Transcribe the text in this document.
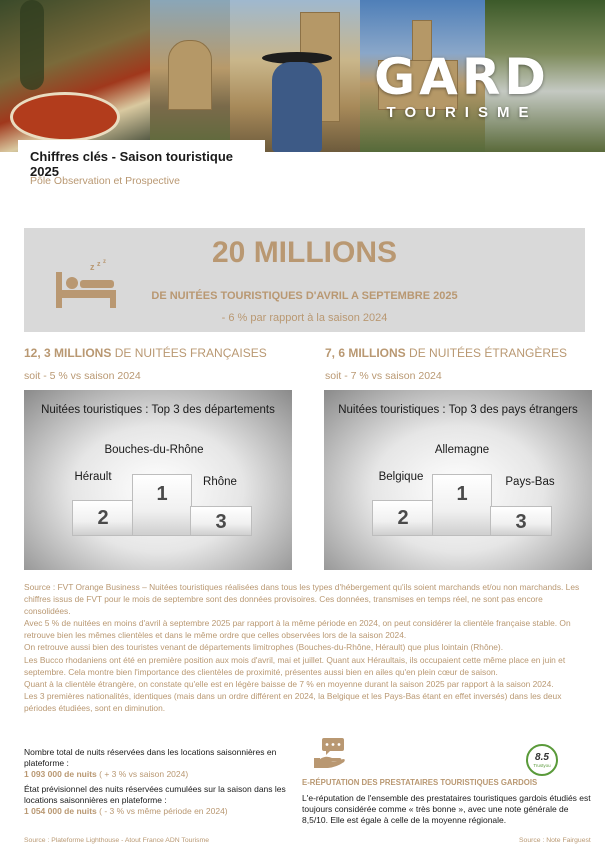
GARD
TOURISME
Chiffres clés - Saison touristique 2025
Pôle Observation et Prospective
z z z	20 MILLIONS
DE NUITÉES TOURISTIQUES D'AVRIL A SEPTEMBRE 2025
- 6 % par rapport à la saison 2024
12, 3 MILLIONS DE NUITÉES FRANÇAISES
soit - 5 % vs saison 2024
7, 6 MILLIONS DE NUITÉES ÉTRANGÈRES
soit - 7 % vs saison 2024
Nuitées touristiques : Top 3 des départements
Bouches-du-Rhône
Hérault	Rhône
2
1
3
Nuitées touristiques : Top 3 des pays étrangers
Allemagne
Belgique	Pays-Bas
2
1
3

Source : FVT Orange Business – Nuitées touristiques réalisées dans tous les types d'hébergement qu'ils soient marchands et/ou non marchands. Les chiffres issus de FVT pour le mois de septembre sont des données provisoires. Ces données, transmises en temps réel, ne sont pas encore consolidées.

Avec 5 % de nuitées en moins d'avril à septembre 2025 par rapport à la même période en 2024, on peut considérer la clientèle française stable. On retrouve bien les mêmes clientèles et dans le même ordre que celles observées lors de la saison 2024.

On retrouve aussi bien des touristes venant de départements limitrophes (Bouches-du-Rhône, Hérault) que plus lointain (Rhône).

Les Bucco rhodaniens ont été en première position aux mois d'avril, mai et juillet. Quant aux Héraultais, ils occupaient cette même place en juin et septembre. Cela montre bien l'importance des clientèles de proximité, présentes aussi bien en ailes qu'en plein cœur de saison.

Quant à la clientèle étrangère, on constate qu'elle est en légère baisse de 7 % en moyenne durant la saison 2025 par rapport à la saison 2024.

Les 3 premières nationalités, identiques (mais dans un ordre différent en 2024, la Belgique et les Pays-Bas étant en effet inversés) dans les deux périodes étudiées, sont en diminution.

Nombre total de nuits réservées dans les locations saisonnières en plateforme :
1 093 000 de nuits ( + 3 % vs saison 2024)

État prévisionnel des nuits réservées cumulées sur la saison dans les locations saisonnières en plateforme :
1 054 000 de nuits ( - 3 % vs même période en 2024)

Source : Plateforme Lighthouse - Atout France ADN Tourisme
8.5
Trustyou
E-RÉPUTATION DES PRESTATAIRES TOURISTIQUES GARDOIS
L'e-réputation de l'ensemble des prestataires touristiques gardois étudiés est toujours considérée comme « très bonne », avec une note générale de 8,5/10. Elle est égale à celle de la moyenne régionale.
Source : Note Fairguest
